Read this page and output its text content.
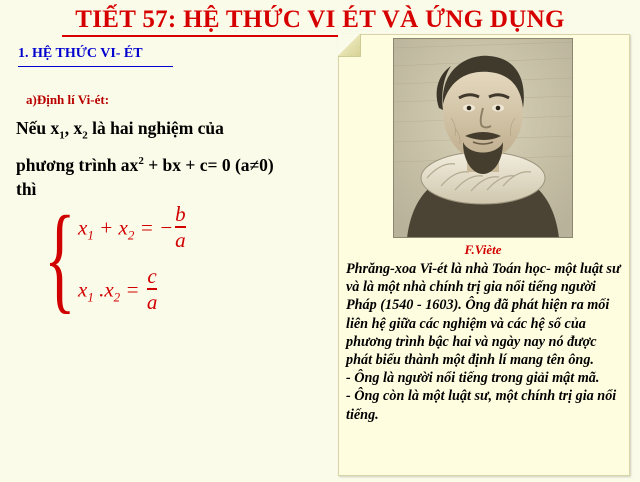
TIẾT 57: HỆ THỨC VI ÉT VÀ ỨNG DỤNG
1. HỆ THỨC VI- ÉT
a)Định lí Vi-ét:
Nếu $x_1$, $x_2$ là hai nghiệm của
phương trình $ax^2$ + bx + c= 0 (a≠0)
thì
{ $x_1 + x_2$ = − $\frac{b}{a}$
$x_1$ $.x_2 = \frac{c}{a}$
F.Viète

Phrăng-xoa Vi-ét là nhà Toán học- một luật sư và là một nhà chính trị gia nổi tiếng người Pháp (1540 - 1603). Ông đã phát hiện ra mối liên hệ giữa các nghiệm và các hệ số của phương trình bậc hai và ngày nay nó được phát biểu thành một định lí mang tên ông.

- Ông là người nổi tiếng trong giải mật mã.

- Ông còn là một luật sư, một chính trị gia nổi tiếng.
